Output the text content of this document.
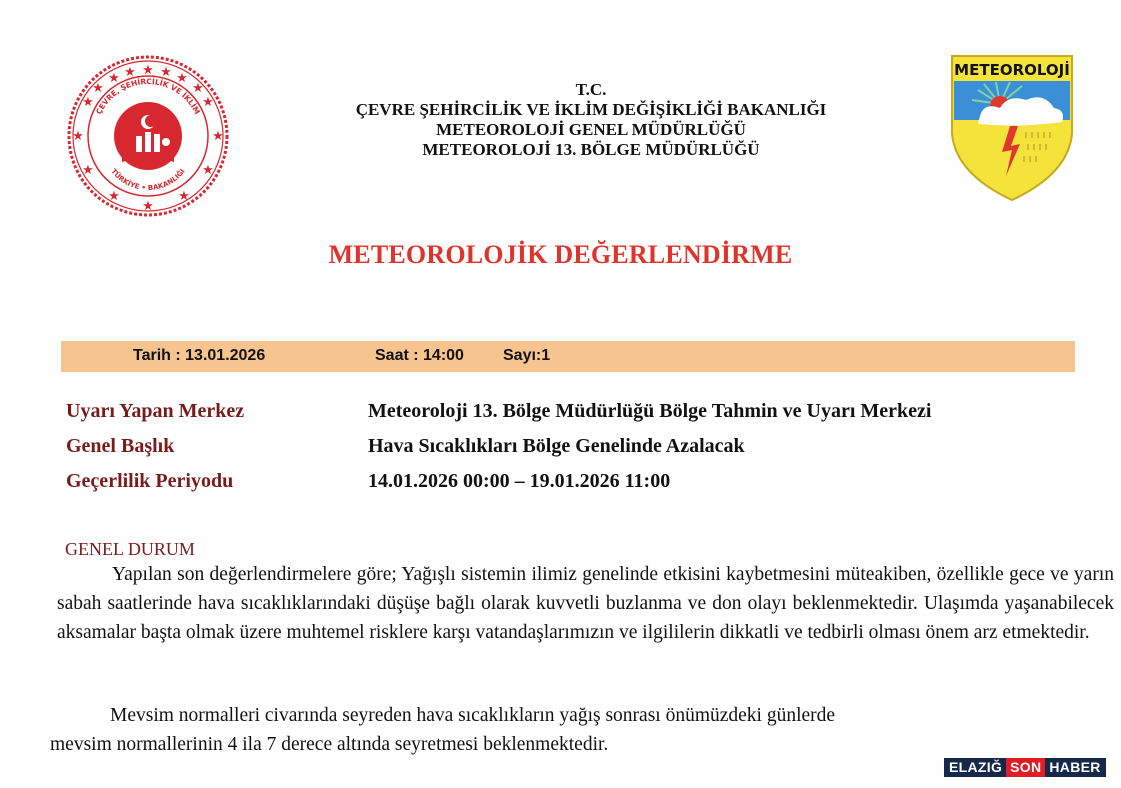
★
★
★
★
★
★
★
★
★
★
★
★ ★ ★
★
★
ÇEVRE, ŞEHİRCİLİK VE İKLİM
TÜRKİYE • BAKANLIĞI
T.C.
ÇEVRE ŞEHİRCİLİK VE İKLİM DEĞİŞİKLİĞİ BAKANLIĞI
METEOROLOJİ GENEL MÜDÜRLÜĞÜ
METEOROLOJİ 13. BÖLGE MÜDÜRLÜĞÜ
METEOROLOJİ
METEOROLOJİK DEĞERLENDİRME
Tarih : 13.01.2026	Saat : 14:00 Sayı:1
Uyarı Yapan Merkez	Meteoroloji 13. Bölge Müdürlüğü Bölge Tahmin ve Uyarı Merkezi
Genel Başlık	Hava Sıcaklıkları Bölge Genelinde Azalacak
Geçerlilik Periyodu	14.01.2026 00:00 – 19.01.2026 11:00
GENEL DURUM
Yapılan son değerlendirmelere göre; Yağışlı sistemin ilimiz genelinde etkisini kaybetmesini müteakiben, özellikle gece ve yarın sabah saatlerinde hava sıcaklıklarındaki düşüşe bağlı olarak kuvvetli buzlanma ve don olayı beklenmektedir. Ulaşımda yaşanabilecek aksamalar başta olmak üzere muhtemel risklere karşı vatandaşlarımızın ve ilgililerin dikkatli ve tedbirli olması önem arz etmektedir.
Mevsim normalleri civarında seyreden hava sıcaklıkların yağış sonrası önümüzdeki günlerde
mevsim normallerinin 4 ila 7 derece altında seyretmesi beklenmektedir.
ELAZIĞ SON HABER
